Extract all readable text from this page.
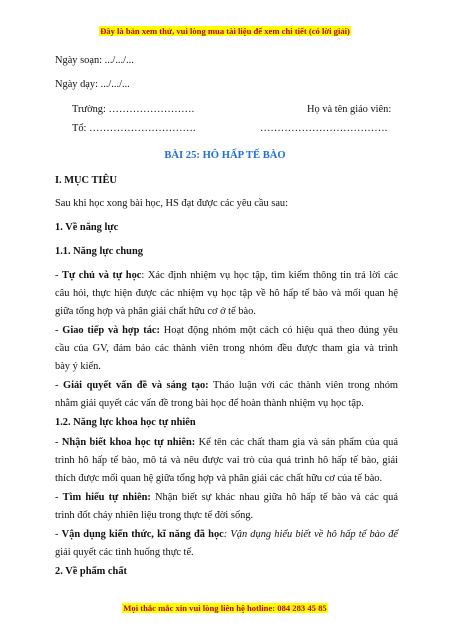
Đây là bản xem thử, vui lòng mua tài liệu để xem chi tiết (có lời giải)
Ngày soạn: .../.../...
Ngày dạy: .../.../...
Trường: …………………….	Họ và tên giáo viên:
Tổ: ………………………….	……………………………….
BÀI 25: HÔ HẤP TẾ BÀO
I. MỤC TIÊU
Sau khi học xong bài học, HS đạt được các yêu cầu sau:
1. Về năng lực
1.1. Năng lực chung
- Tự chủ và tự học: Xác định nhiệm vụ học tập, tìm kiếm thông tin trả lời các
câu hỏi, thực hiện được các nhiệm vụ học tập về hô hấp tế bào và mối quan hệ
giữa tổng hợp và phân giải chất hữu cơ ở tế bào.
- Giao tiếp và hợp tác: Hoạt động nhóm một cách có hiệu quả theo đúng yêu
cầu của GV, đảm bảo các thành viên trong nhóm đều được tham gia và trình
bày ý kiến.
- Giải quyết vấn đề và sáng tạo: Thảo luận với các thành viên trong nhóm
nhằm giải quyết các vấn đề trong bài học để hoàn thành nhiệm vụ học tập.
1.2. Năng lực khoa học tự nhiên
- Nhận biết khoa học tự nhiên: Kể tên các chất tham gia và sản phẩm của quá
trình hô hấp tế bào, mô tả và nêu được vai trò của quá trình hô hấp tế bào, giải
thích được mối quan hệ giữa tổng hợp và phân giải các chất hữu cơ của tế bào.
- Tìm hiểu tự nhiên: Nhận biết sự khác nhau giữa hô hấp tế bào và các quá
trình đốt cháy nhiên liệu trong thực tế đời sống.
- Vận dụng kiến thức, kĩ năng đã học: Vận dụng hiểu biết về hô hấp tế bào để
giải quyết các tình huống thực tế.
2. Về phẩm chất
Mọi thắc mắc xin vui lòng liên hệ hotline: 084 283 45 85
